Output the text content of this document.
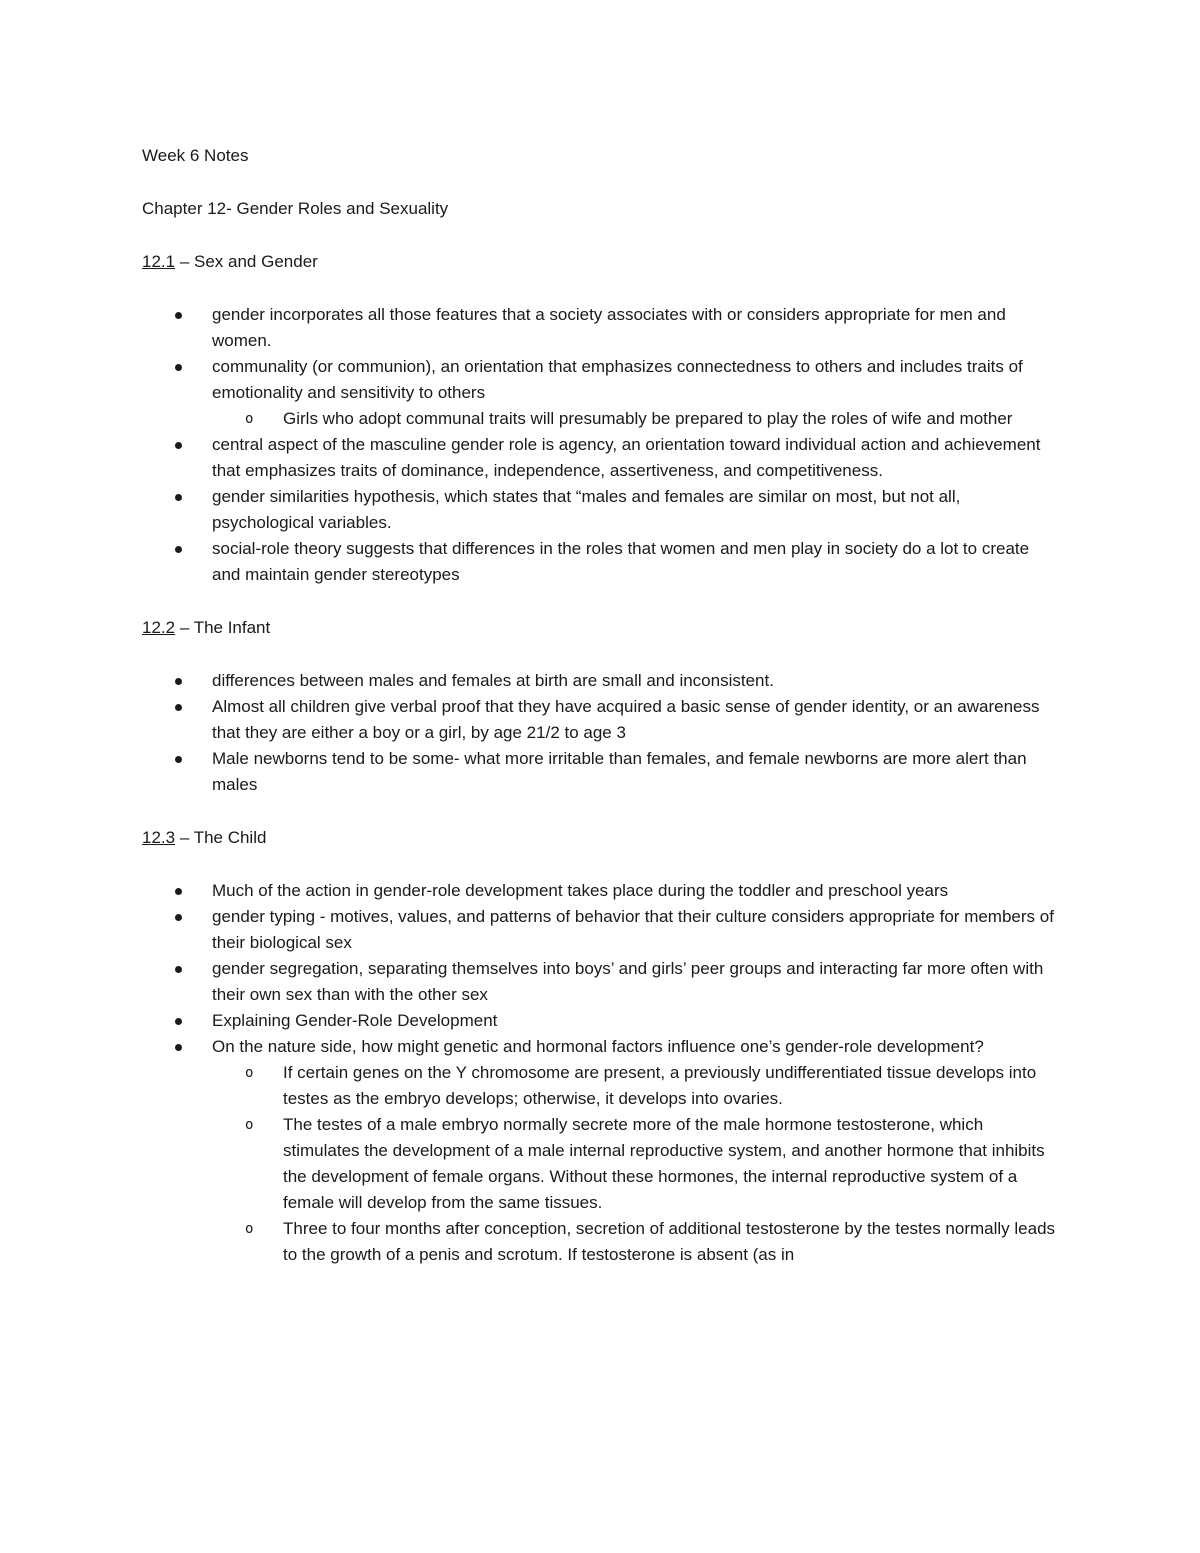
Week 6 Notes

Chapter 12- Gender Roles and Sexuality

12.1 – Sex and Gender

gender incorporates all those features that a society associates with or considers appropriate for men and women.
communality (or communion), an orientation that emphasizes connectedness to others and includes traits of emotionality and sensitivity to others
o Girls who adopt communal traits will presumably be prepared to play the roles of wife and mother
central aspect of the masculine gender role is agency, an orientation toward individual action and achievement that emphasizes traits of dominance, independence, assertiveness, and competitiveness.
gender similarities hypothesis, which states that “males and females are similar on most, but not all, psychological variables.
social-role theory suggests that differences in the roles that women and men play in society do a lot to create and maintain gender stereotypes

12.2 – The Infant

differences between males and females at birth are small and inconsistent.
Almost all children give verbal proof that they have acquired a basic sense of gender identity, or an awareness that they are either a boy or a girl, by age 21/2 to age 3
Male newborns tend to be some- what more irritable than females, and female newborns are more alert than males

12.3 – The Child

Much of the action in gender-role development takes place during the toddler and preschool years
gender typing - motives, values, and patterns of behavior that their culture considers appropriate for members of their biological sex
gender segregation, separating themselves into boys’ and girls’ peer groups and interacting far more often with their own sex than with the other sex
Explaining Gender-Role Development
On the nature side, how might genetic and hormonal factors influence one’s gender-role development?
o If certain genes on the Y chromosome are present, a previously undifferentiated tissue develops into testes as the embryo develops; otherwise, it develops into ovaries.
o The testes of a male embryo normally secrete more of the male hormone testosterone, which stimulates the development of a male internal reproductive system, and another hormone that inhibits the development of female organs. Without these hormones, the internal reproductive system of a female will develop from the same tissues.
o Three to four months after conception, secretion of additional testosterone by the testes normally leads to the growth of a penis and scrotum. If testosterone is absent (as in
